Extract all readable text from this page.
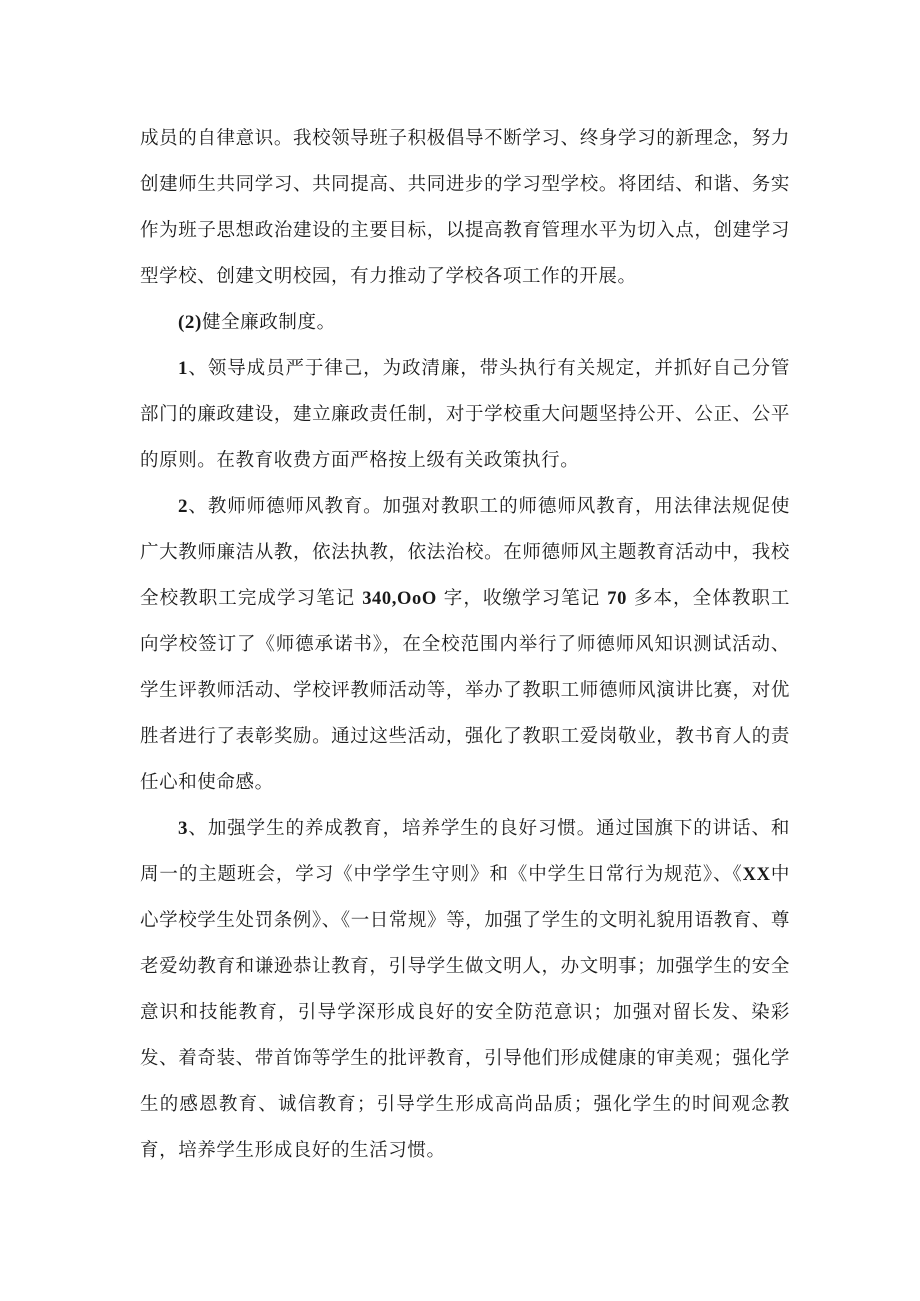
成员的自律意识。我校领导班子积极倡导不断学习、终身学习的新理念，努力创建师生共同学习、共同提高、共同进步的学习型学校。将团结、和谐、务实作为班子思想政治建设的主要目标，以提高教育管理水平为切入点，创建学习型学校、创建文明校园，有力推动了学校各项工作的开展。

(2)健全廉政制度。

1、领导成员严于律己，为政清廉，带头执行有关规定，并抓好自己分管部门的廉政建设，建立廉政责任制，对于学校重大问题坚持公开、公正、公平的原则。在教育收费方面严格按上级有关政策执行。

2、教师师德师风教育。加强对教职工的师德师风教育，用法律法规促使广大教师廉洁从教，依法执教，依法治校。在师德师风主题教育活动中，我校全校教职工完成学习笔记 340,OoO 字，收缴学习笔记 70 多本，全体教职工向学校签订了《师德承诺书》，在全校范围内举行了师德师风知识测试活动、学生评教师活动、学校评教师活动等，举办了教职工师德师风演讲比赛，对优胜者进行了表彰奖励。通过这些活动，强化了教职工爱岗敬业，教书育人的责任心和使命感。

3、加强学生的养成教育，培养学生的良好习惯。通过国旗下的讲话、和周一的主题班会，学习《中学学生守则》和《中学生日常行为规范》、《XX中心学校学生处罚条例》、《一日常规》等，加强了学生的文明礼貌用语教育、尊老爱幼教育和谦逊恭让教育，引导学生做文明人，办文明事；加强学生的安全意识和技能教育，引导学深形成良好的安全防范意识；加强对留长发、染彩发、着奇装、带首饰等学生的批评教育，引导他们形成健康的审美观；强化学生的感恩教育、诚信教育；引导学生形成高尚品质；强化学生的时间观念教育，培养学生形成良好的生活习惯。
